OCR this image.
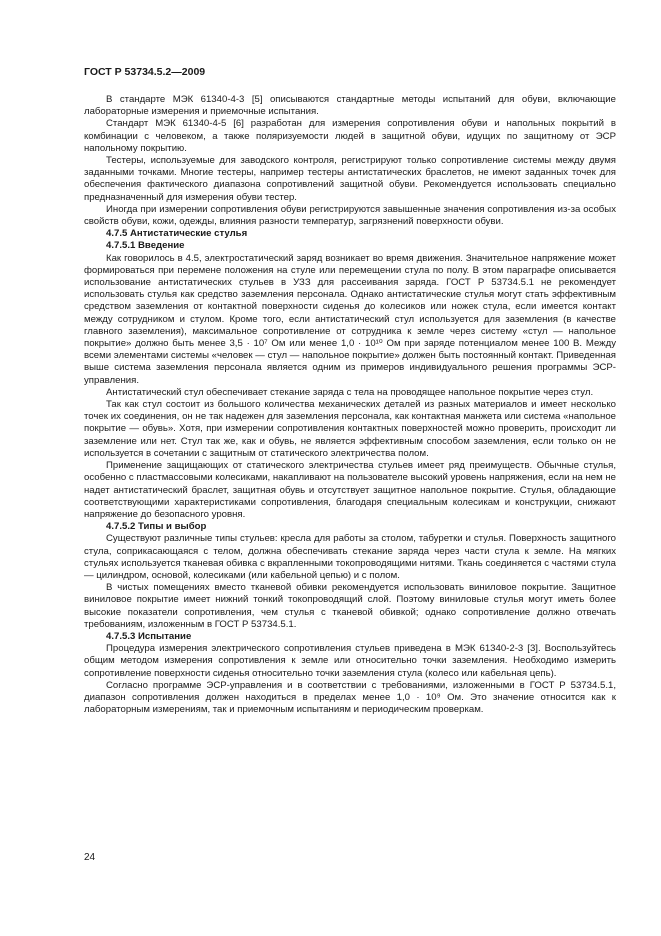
ГОСТ Р 53734.5.2—2009

В стандарте МЭК 61340-4-3 [5] описываются стандартные методы испытаний для обуви, включающие лабораторные измерения и приемочные испытания.

Стандарт МЭК 61340-4-5 [6] разработан для измерения сопротивления обуви и напольных покрытий в комбинации с человеком, а также поляризуемости людей в защитной обуви, идущих по защитному от ЭСР напольному покрытию.

Тестеры, используемые для заводского контроля, регистрируют только сопротивление системы между двумя заданными точками. Многие тестеры, например тестеры антистатических браслетов, не имеют заданных точек для обеспечения фактического диапазона сопротивлений защитной обуви. Рекомендуется использовать специально предназначенный для измерения обуви тестер.

Иногда при измерении сопротивления обуви регистрируются завышенные значения сопротивления из-за особых свойств обуви, кожи, одежды, влияния разности температур, загрязнений поверхности обуви.

4.7.5 Антистатические стулья
4.7.5.1 Введение

Как говорилось в 4.5, электростатический заряд возникает во время движения. Значительное напряжение может формироваться при перемене положения на стуле или перемещении стула по полу. В этом параграфе описывается использование антистатических стульев в УЗЗ для рассеивания заряда. ГОСТ Р 53734.5.1 не рекомендует использовать стулья как средство заземления персонала. Однако антистатические стулья могут стать эффективным средством заземления от контактной поверхности сиденья до колесиков или ножек стула, если имеется контакт между сотрудником и стулом. Кроме того, если антистатический стул используется для заземления (в качестве главного заземления), максимальное сопротивление от сотрудника к земле через систему «стул — напольное покрытие» должно быть менее 3,5 · 10⁷ Ом или менее 1,0 · 10¹⁰ Ом при заряде потенциалом менее 100 В. Между всеми элементами системы «человек — стул — напольное покрытие» должен быть постоянный контакт. Приведенная выше система заземления персонала является одним из примеров индивидуального решения программы ЭСР-управления.

Антистатический стул обеспечивает стекание заряда с тела на проводящее напольное покрытие через стул.

Так как стул состоит из большого количества механических деталей из разных материалов и имеет несколько точек их соединения, он не так надежен для заземления персонала, как контактная манжета или система «напольное покрытие — обувь». Хотя, при измерении сопротивления контактных поверхностей можно проверить, происходит ли заземление или нет. Стул так же, как и обувь, не является эффективным способом заземления, если только он не используется в сочетании с защитным от статического электричества полом.

Применение защищающих от статического электричества стульев имеет ряд преимуществ. Обычные стулья, особенно с пластмассовыми колесиками, накапливают на пользователе высокий уровень напряжения, если на нем не надет антистатический браслет, защитная обувь и отсутствует защитное напольное покрытие. Стулья, обладающие соответствующими характеристиками сопротивления, благодаря специальным колесикам и конструкции, снижают напряжение до безопасного уровня.

4.7.5.2 Типы и выбор

Существуют различные типы стульев: кресла для работы за столом, табуретки и стулья. Поверхность защитного стула, соприкасающаяся с телом, должна обеспечивать стекание заряда через части стула к земле. На мягких стульях используется тканевая обивка с вкрапленными токопроводящими нитями. Ткань соединяется с частями стула — цилиндром, основой, колесиками (или кабельной цепью) и с полом.

В чистых помещениях вместо тканевой обивки рекомендуется использовать виниловое покрытие. Защитное виниловое покрытие имеет нижний тонкий токопроводящий слой. Поэтому виниловые стулья могут иметь более высокие показатели сопротивления, чем стулья с тканевой обивкой; однако сопротивление должно отвечать требованиям, изложенным в ГОСТ Р 53734.5.1.

4.7.5.3 Испытание

Процедура измерения электрического сопротивления стульев приведена в МЭК 61340-2-3 [3]. Воспользуйтесь общим методом измерения сопротивления к земле или относительно точки заземления. Необходимо измерить сопротивление поверхности сиденья относительно точки заземления стула (колесо или кабельная цепь).

Согласно программе ЭСР-управления и в соответствии с требованиями, изложенными в ГОСТ Р 53734.5.1, диапазон сопротивления должен находиться в пределах менее 1,0 · 10⁹ Ом. Это значение относится как к лабораторным измерениям, так и приемочным испытаниям и периодическим проверкам.

24
